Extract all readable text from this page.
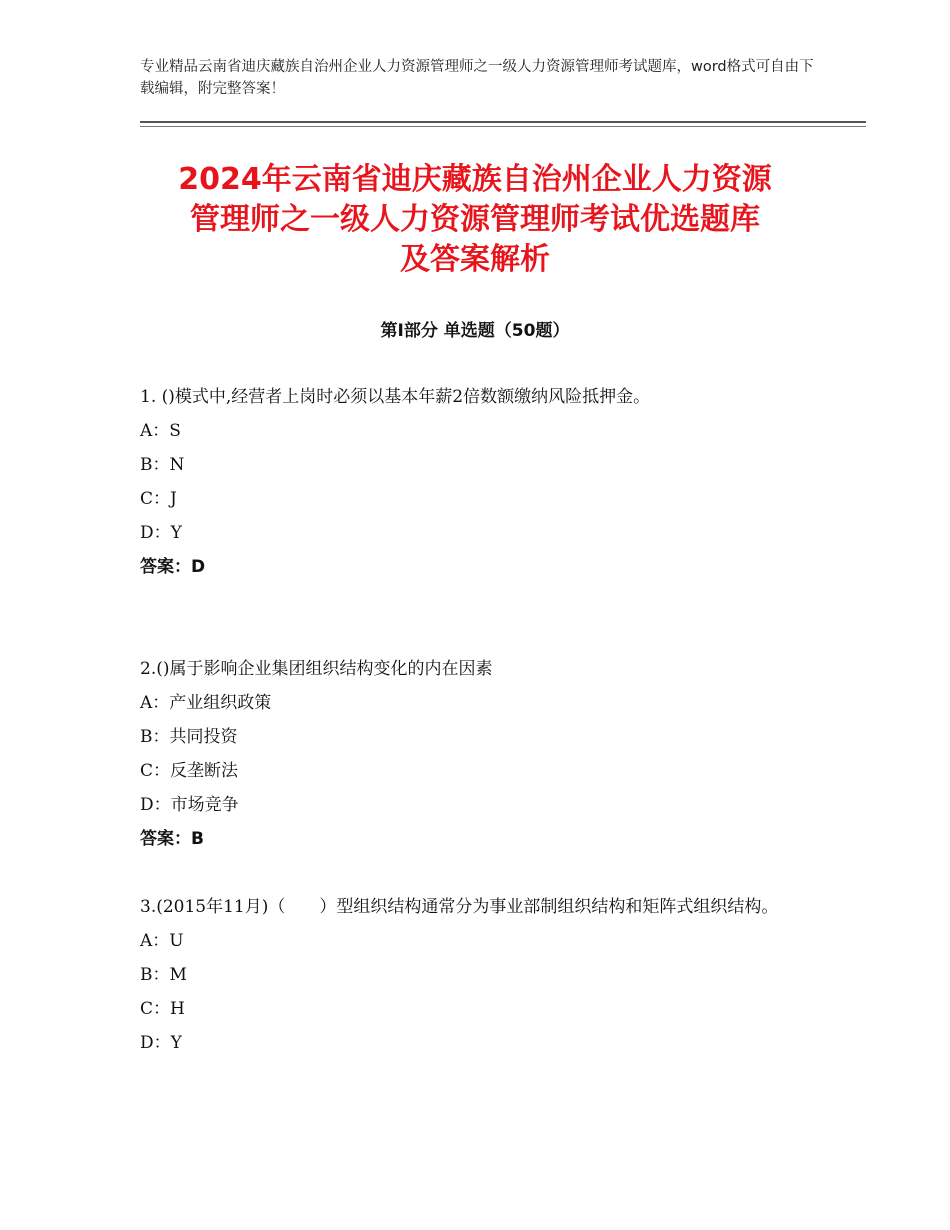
专业精品云南省迪庆藏族自治州企业人力资源管理师之一级人力资源管理师考试题库，word格式可自由下载编辑，附完整答案！
2024年云南省迪庆藏族自治州企业人力资源
管理师之一级人力资源管理师考试优选题库
及答案解析
第Ⅰ部分 单选题（50题）
1. ()模式中,经营者上岗时必须以基本年薪2倍数额缴纳风险抵押金。
A：S
B：N
C：J
D：Y
答案：D
2.()属于影响企业集团组织结构变化的内在因素
A：产业组织政策
B：共同投资
C：反垄断法
D：市场竞争
答案：B
3.(2015年11月)（　　）型组织结构通常分为事业部制组织结构和矩阵式组织结构。
A：U
B：M
C：H
D：Y
